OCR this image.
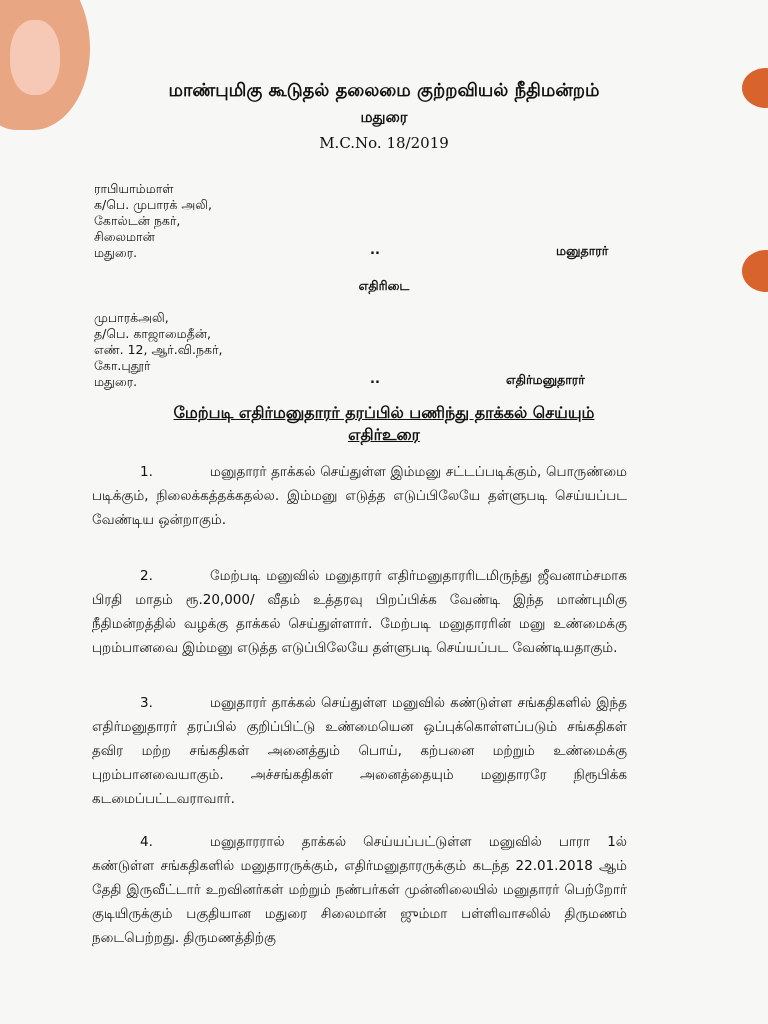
மாண்புமிகு கூடுதல் தலைமை குற்றவியல் நீதிமன்றம்
மதுரை
M.C.No. 18/2019
ராபியாம்மாள்
க/பெ. முபாரக் அலி,
கோல்டன் நகர்,
சிலைமான்
மதுரை.	..	மனுதாரர்
எதிரிடை
முபாரக்அலி,
த/பெ. காஜாமைதீன்,
எண். 12, ஆர்.வி.நகர்,
கோ.புதூர்
மதுரை.	..	எதிர்மனுதாரர்
மேற்படி எதிர்மனுதாரர் தரப்பில் பணிந்து தாக்கல் செய்யும்
எதிர்உரை
1.	மனுதாரர் தாக்கல் செய்துள்ள இம்மனு சட்டப்படிக்கும், பொருண்மை படிக்கும், நிலைக்கத்தக்கதல்ல. இம்மனு எடுத்த எடுப்பிலேயே தள்ளுபடி செய்யப்பட வேண்டிய ஒன்றாகும்.
2.	மேற்படி மனுவில் மனுதாரர் எதிர்மனுதாரரிடமிருந்து ஜீவனாம்சமாக பிரதி மாதம் ரூ.20,000/ வீதம் உத்தரவு பிறப்பிக்க வேண்டி இந்த மாண்புமிகு நீதிமன்றத்தில் வழக்கு தாக்கல் செய்துள்ளார். மேற்படி மனுதாரரின் மனு உண்மைக்கு புறம்பானவை இம்மனு எடுத்த எடுப்பிலேயே தள்ளுபடி செய்யப்பட வேண்டியதாகும்.
3.	மனுதாரர் தாக்கல் செய்துள்ள மனுவில் கண்டுள்ள சங்கதிகளில் இந்த எதிர்மனுதாரர் தரப்பில் குறிப்பிட்டு உண்மையென ஒப்புக்கொள்ளப்படும் சங்கதிகள் தவிர மற்ற சங்கதிகள் அனைத்தும் பொய், கற்பனை மற்றும் உண்மைக்கு புறம்பானவையாகும். அச்சங்கதிகள் அனைத்தையும் மனுதாரரே நிரூபிக்க கடமைப்பட்டவராவார்.
4.	மனுதாரரால் தாக்கல் செய்யப்பட்டுள்ள மனுவில் பாரா 1ல் கண்டுள்ள சங்கதிகளில் மனுதாரருக்கும், எதிர்மனுதாரருக்கும் கடந்த 22.01.2018 ஆம் தேதி இருவீட்டார் உறவினர்கள் மற்றும் நண்பர்கள் முன்னிலையில் மனுதாரர் பெற்றோர் குடியிருக்கும் பகுதியான மதுரை சிலைமான் ஜும்மா பள்ளிவாசலில் திருமணம் நடைபெற்றது. திருமணத்திற்கு
